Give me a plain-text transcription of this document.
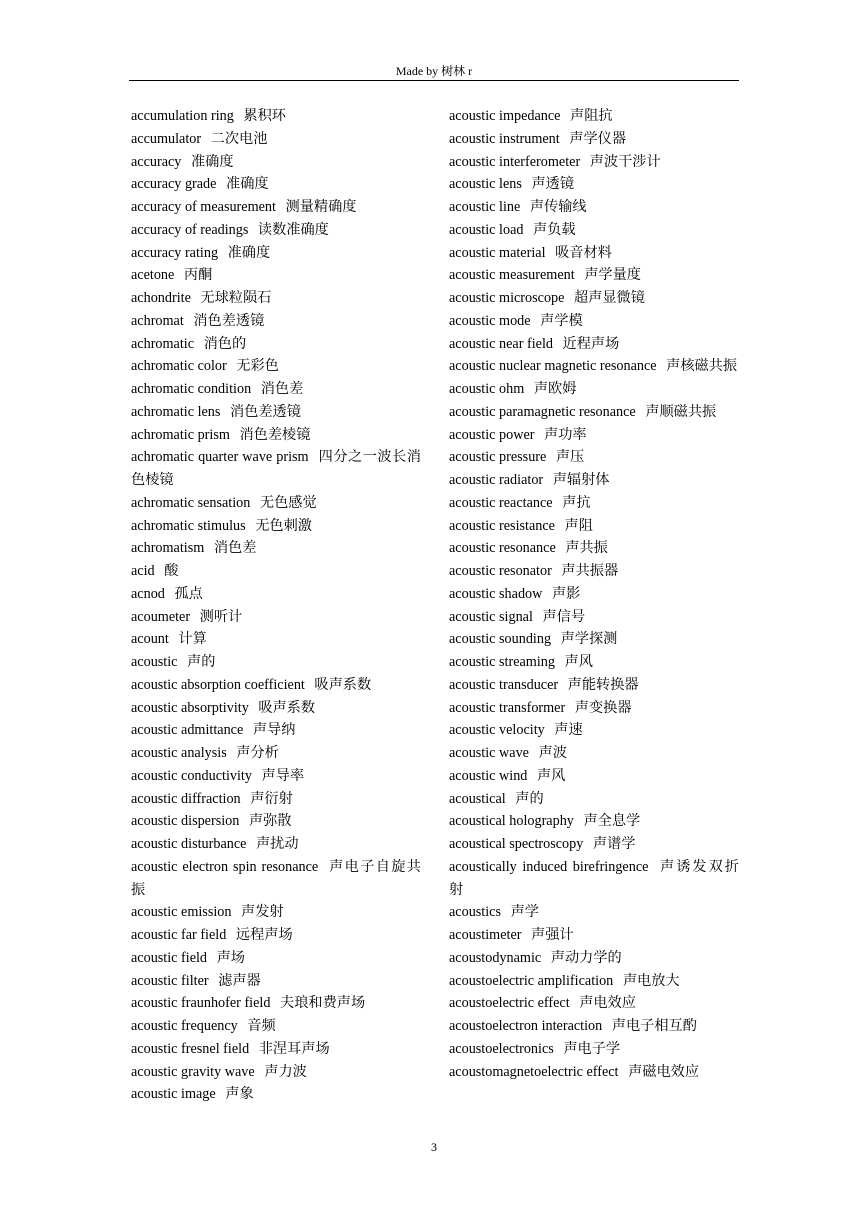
Made by 树林 r

accumulation ring 累积环

accumulator 二次电池

accuracy 准确度

accuracy grade 准确度

accuracy of measurement 测量精确度

accuracy of readings 读数准确度

accuracy rating 准确度

acetone 丙酮

achondrite 无球粒陨石

achromat 消色差透镜

achromatic 消色的

achromatic color 无彩色

achromatic condition 消色差

achromatic lens 消色差透镜

achromatic prism 消色差棱镜

achromatic quarter wave prism 四分之一波长消色棱镜

achromatic sensation 无色感觉

achromatic stimulus 无色刺激

achromatism 消色差

acid 酸

acnod 孤点

acoumeter 测听计

acount 计算

acoustic 声的

acoustic absorption coefficient 吸声系数

acoustic absorptivity 吸声系数

acoustic admittance 声导纳

acoustic analysis 声分析

acoustic conductivity 声导率

acoustic diffraction 声衍射

acoustic dispersion 声弥散

acoustic disturbance 声扰动

acoustic electron spin resonance 声电子自旋共振

acoustic emission 声发射

acoustic far field 远程声场

acoustic field 声场

acoustic filter 滤声器

acoustic fraunhofer field 夫琅和费声场

acoustic frequency 音频

acoustic fresnel field 非涅耳声场

acoustic gravity wave 声力波

acoustic image 声象

acoustic impedance 声阻抗

acoustic instrument 声学仪器

acoustic interferometer 声波干涉计

acoustic lens 声透镜

acoustic line 声传输线

acoustic load 声负载

acoustic material 吸音材料

acoustic measurement 声学量度

acoustic microscope 超声显微镜

acoustic mode 声学模

acoustic near field 近程声场

acoustic nuclear magnetic resonance 声核磁共振

acoustic ohm 声欧姆

acoustic paramagnetic resonance 声顺磁共振

acoustic power 声功率

acoustic pressure 声压

acoustic radiator 声辐射体

acoustic reactance 声抗

acoustic resistance 声阻

acoustic resonance 声共振

acoustic resonator 声共振器

acoustic shadow 声影

acoustic signal 声信号

acoustic sounding 声学探测

acoustic streaming 声风

acoustic transducer 声能转换器

acoustic transformer 声变换器

acoustic velocity 声速

acoustic wave 声波

acoustic wind 声风

acoustical 声的

acoustical holography 声全息学

acoustical spectroscopy 声谱学

acoustically induced birefringence 声诱发双折射

acoustics 声学

acoustimeter 声强计

acoustodynamic 声动力学的

acoustoelectric amplification 声电放大

acoustoelectric effect 声电效应

acoustoelectron interaction 声电子相互酌

acoustoelectronics 声电子学

acoustomagnetoelectric effect 声磁电效应

3
